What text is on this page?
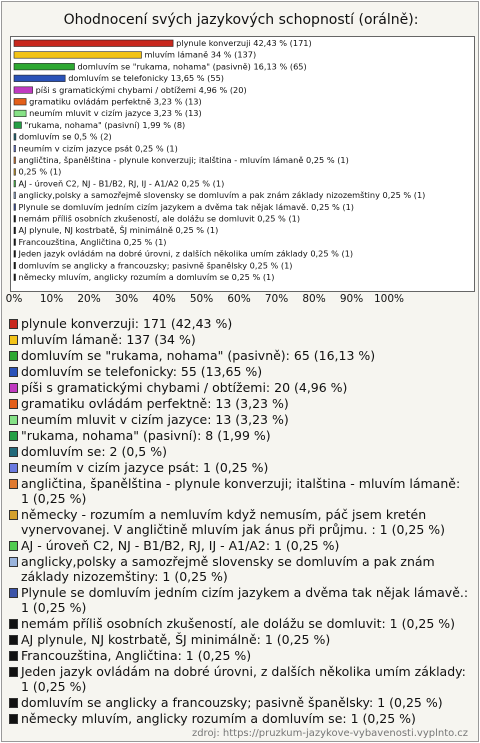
Ohodnocení svých jazykových schopností (orálně):
plynule konverzuji 42,43 % (171)
mluvím lámaně 34 % (137)
domluvím se "rukama, nohama" (pasivně) 16,13 % (65)
domluvím se telefonicky 13,65 % (55)
píši s gramatickými chybami / obtížemi 4,96 % (20)
gramatiku ovládám perfektně 3,23 % (13)
neumím mluvit v cizím jazyce 3,23 % (13)
"rukama, nohama" (pasivní) 1,99 % (8)
domluvím se 0,5 % (2)
neumím v cizím jazyce psát 0,25 % (1)
angličtina, španělština - plynule konverzuji; italština - mluvím lámaně 0,25 % (1)
0,25 % (1)
AJ - úroveň C2, NJ - B1/B2, RJ, IJ - A1/A2 0,25 % (1)
anglicky,polsky a samozřejmě slovensky se domluvím a pak znám základy nizozemštiny 0,25 % (1)
Plynule se domluvím jedním cizím jazykem a dvěma tak nějak lámavě. 0,25 % (1)
nemám příliš osobních zkušeností, ale dolážu se domluvit 0,25 % (1)
AJ plynule, NJ kostrbatě, ŠJ minimálně 0,25 % (1)
Francouzština, Angličtina 0,25 % (1)
Jeden jazyk ovládám na dobré úrovni, z dalších několika umím základy 0,25 % (1)
domluvím se anglicky a francouzsky; pasivně španělsky 0,25 % (1)
německy mluvím, anglicky rozumím a domluvím se 0,25 % (1)
0% 10% 20% 30% 40% 50% 60% 70% 80% 90% 100%
plynule konverzuji: 171 (42,43 %)
mluvím lámaně: 137 (34 %)
domluvím se "rukama, nohama" (pasivně): 65 (16,13 %)
domluvím se telefonicky: 55 (13,65 %)
píši s gramatickými chybami / obtížemi: 20 (4,96 %)
gramatiku ovládám perfektně: 13 (3,23 %)
neumím mluvit v cizím jazyce: 13 (3,23 %)
"rukama, nohama" (pasivní): 8 (1,99 %)
domluvím se: 2 (0,5 %)
neumím v cizím jazyce psát: 1 (0,25 %)
angličtina, španělština - plynule konverzuji; italština - mluvím lámaně: 1 (0,25 %)
německy - rozumím a nemluvím když nemusím, páč jsem kretén vynervovanej. V angličtině mluvím jak ánus při průjmu. : 1 (0,25 %)
AJ - úroveň C2, NJ - B1/B2, RJ, IJ - A1/A2: 1 (0,25 %)
anglicky,polsky a samozřejmě slovensky se domluvím a pak znám základy nizozemštiny: 1 (0,25 %)
Plynule se domluvím jedním cizím jazykem a dvěma tak nějak lámavě.: 1 (0,25 %)
nemám příliš osobních zkušeností, ale dolážu se domluvit: 1 (0,25 %)
AJ plynule, NJ kostrbatě, ŠJ minimálně: 1 (0,25 %)
Francouzština, Angličtina: 1 (0,25 %)
Jeden jazyk ovládám na dobré úrovni, z dalších několika umím základy: 1 (0,25 %)
domluvím se anglicky a francouzsky; pasivně španělsky: 1 (0,25 %)
německy mluvím, anglicky rozumím a domluvím se: 1 (0,25 %)
zdroj: https://pruzkum-jazykove-vybavenosti.vyplnto.cz
